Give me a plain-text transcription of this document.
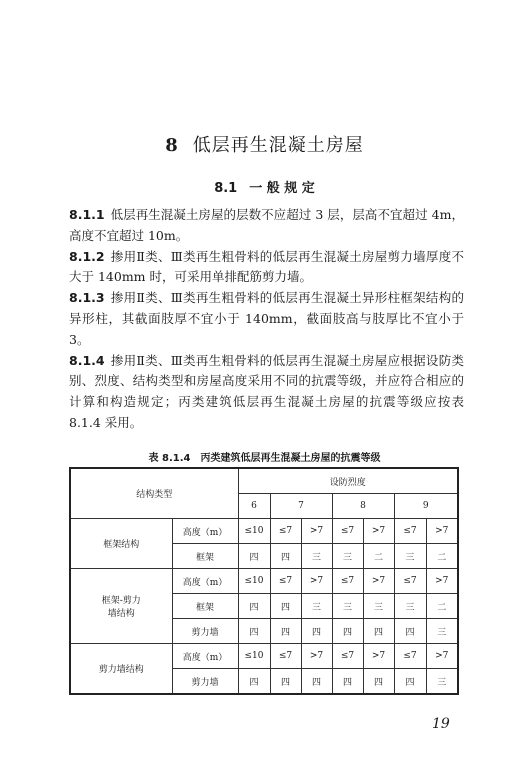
8 低层再生混凝土房屋
8.1 一 般 规 定

8.1.1 低层再生混凝土房屋的层数不应超过 3 层，层高不宜超过 4m，高度不宜超过 10m。

8.1.2 掺用Ⅱ类、Ⅲ类再生粗骨料的低层再生混凝土房屋剪力墙厚度不大于 140mm 时，可采用单排配筋剪力墙。

8.1.3 掺用Ⅱ类、Ⅲ类再生粗骨料的低层再生混凝土异形柱框架结构的异形柱，其截面肢厚不宜小于 140mm，截面肢高与肢厚比不宜小于 3。

8.1.4 掺用Ⅱ类、Ⅲ类再生粗骨料的低层再生混凝土房屋应根据设防类别、烈度、结构类型和房屋高度采用不同的抗震等级，并应符合相应的计算和构造规定；丙类建筑低层再生混凝土房屋的抗震等级应按表 8.1.4 采用。

表 8.1.4　丙类建筑低层再生混凝土房屋的抗震等级
结构类型		设防烈度						
		6	7		8		9	
框架结构	高度（m）	≤10	≤7	>7	≤7	>7	≤7	>7
	框架	四	四	三	三	二	三	二

框架-剪力
墙结构	高度（m）	≤10	≤7	>7	≤7	>7	≤7	>7
	框架	四	四	三	三	三	三	二
	剪力墙	四	四	四	四	四	四	三
剪力墙结构	高度（m）	≤10	≤7	>7	≤7	>7	≤7	>7
	剪力墙	四	四	四	四	四	四	三
19
